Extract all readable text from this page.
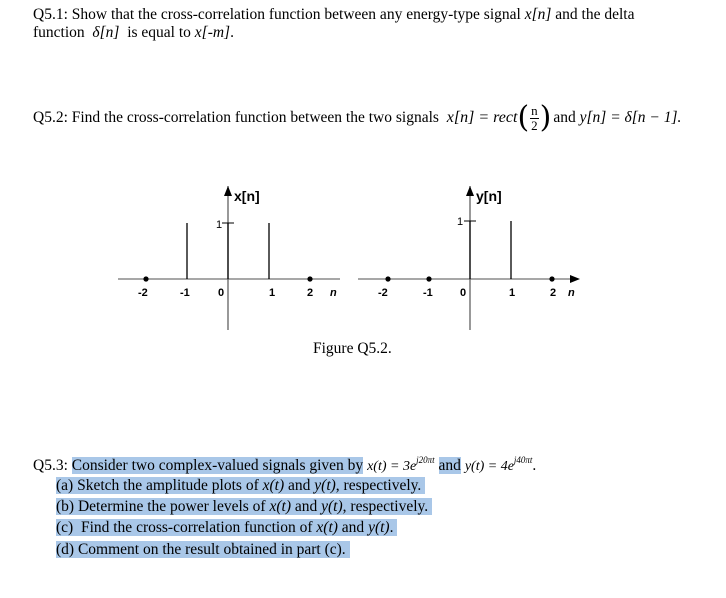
Q5.1: Show that the cross-correlation function between any energy-type signal x[n] and the delta
function  δ[n]  is equal to x[-m].
Q5.2: Find the cross-correlation function between the two signals x[n] = rect ( $\frac{n}{2}$ ) and y[n] = δ[n − 1].
x[n]
1
-2	-1	0	1	2 n
y[n]
1
-2	-1 0	1	2 n
Figure Q5.2.
Q5.3: Consider two complex-valued signals given by $x(t) = 3e^{j20\pi t}$ and $y(t) = 4e^{j40\pi t}$.
(a) Sketch the amplitude plots of x(t) and y(t), respectively.
(b) Determine the power levels of x(t) and y(t), respectively.
(c)  Find the cross-correlation function of x(t) and y(t).
(d) Comment on the result obtained in part (c).
